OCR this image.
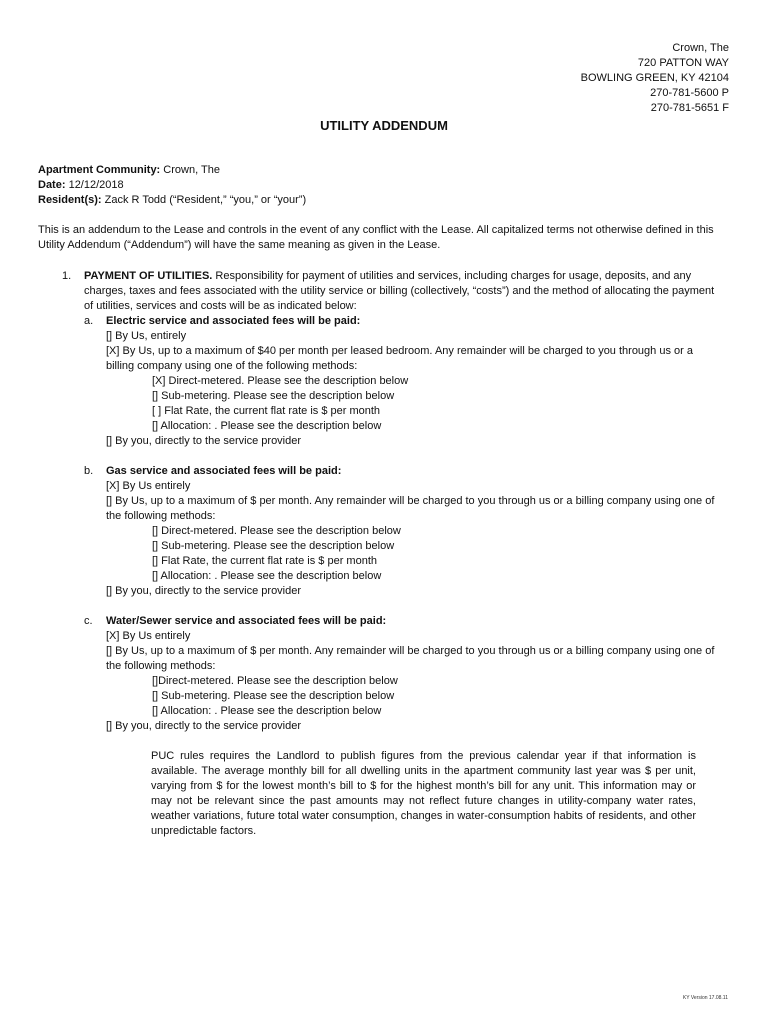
Crown, The
720 PATTON WAY
BOWLING GREEN, KY 42104
270-781-5600 P
270-781-5651 F
UTILITY ADDENDUM
Apartment Community: Crown, The
Date: 12/12/2018
Resident(s): Zack R Todd (“Resident,” “you,” or “your”)
This is an addendum to the Lease and controls in the event of any conflict with the Lease. All capitalized terms not otherwise defined in this Utility Addendum (“Addendum”) will have the same meaning as given in the Lease.
1. PAYMENT OF UTILITIES. Responsibility for payment of utilities and services, including charges for usage, deposits, and any charges, taxes and fees associated with the utility service or billing (collectively, “costs”) and the method of allocating the payment of utilities, services and costs will be as indicated below:
a. Electric service and associated fees will be paid:
[] By Us, entirely
[X] By Us, up to a maximum of $40 per month per leased bedroom. Any remainder will be charged to you through us or a billing company using one of the following methods:
[X] Direct-metered. Please see the description below
[] Sub-metering. Please see the description below
[ ] Flat Rate, the current flat rate is $ per month
[] Allocation: . Please see the description below
[] By you, directly to the service provider
b. Gas service and associated fees will be paid:
[X] By Us entirely
[] By Us, up to a maximum of $ per month. Any remainder will be charged to you through us or a billing company using one of the following methods:
[] Direct-metered. Please see the description below
[] Sub-metering. Please see the description below
[] Flat Rate, the current flat rate is $ per month
[] Allocation: . Please see the description below
[] By you, directly to the service provider
c. Water/Sewer service and associated fees will be paid:
[X] By Us entirely
[] By Us, up to a maximum of $ per month. Any remainder will be charged to you through us or a billing company using one of the following methods:
[]Direct-metered. Please see the description below
[] Sub-metering. Please see the description below
[] Allocation: . Please see the description below
[] By you, directly to the service provider
PUC rules requires the Landlord to publish figures from the previous calendar year if that information is available. The average monthly bill for all dwelling units in the apartment community last year was $ per unit, varying from $ for the lowest month’s bill to $ for the highest month’s bill for any unit. This information may or may not be relevant since the past amounts may not reflect future changes in utility-company water rates, weather variations, future total water consumption, changes in water-consumption habits of residents, and other unpredictable factors.
KY Version 17.08.11
